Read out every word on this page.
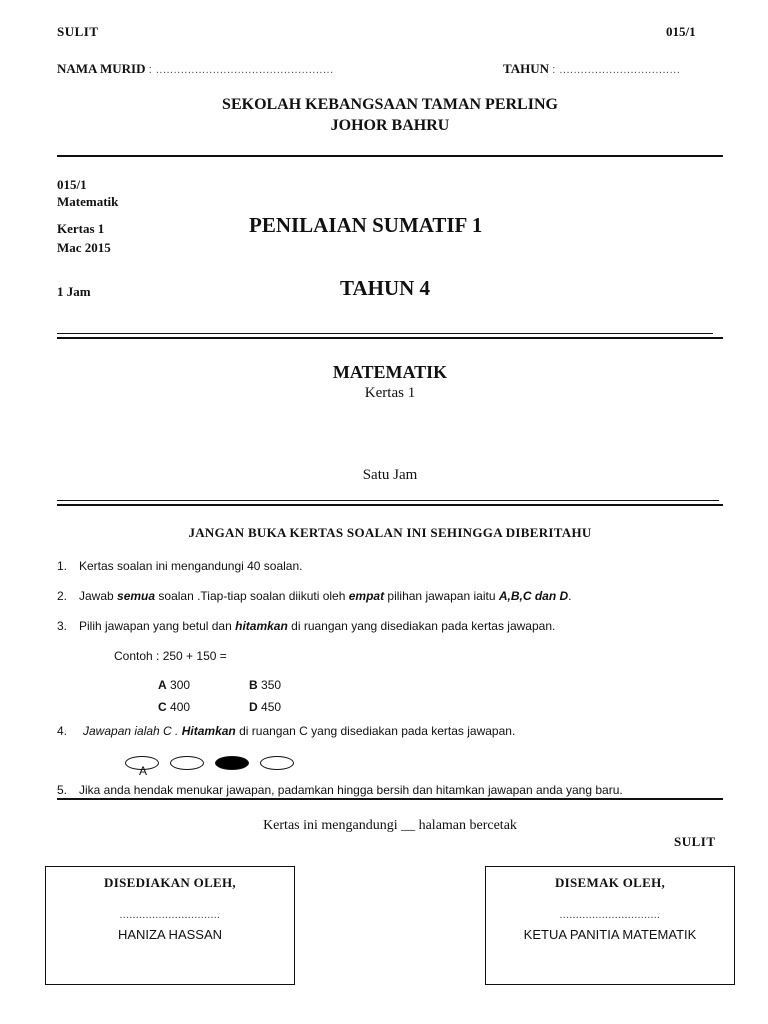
SULIT	015/1
NAMA MURID : ..................................................	TAHUN : ..................................
SEKOLAH KEBANGSAAN TAMAN PERLING
JOHOR BAHRU
015/1
Matematik
Kertas 1
Mac 2015
1 Jam
PENILAIAN SUMATIF 1
TAHUN 4
MATEMATIK
Kertas 1
Satu Jam
JANGAN BUKA KERTAS SOALAN INI SEHINGGA DIBERITAHU
1. Kertas soalan ini mengandungi 40 soalan.
2. Jawab semua soalan .Tiap-tiap soalan diikuti oleh empat pilihan jawapan iaitu A,B,C dan D.
3. Pilih jawapan yang betul dan hitamkan di ruangan yang disediakan pada kertas jawapan.
Contoh : 250 + 150 =
A 300	B 350
C 400	D 450
4. Jawapan ialah C . Hitamkan di ruangan C yang disediakan pada kertas jawapan.
A
5. Jika anda hendak menukar jawapan, padamkan hingga bersih dan hitamkan jawapan anda yang baru.
Kertas ini mengandungi __ halaman bercetak
SULIT
DISEDIAKAN OLEH,
...............................
HANIZA HASSAN
DISEMAK OLEH,
...............................
KETUA PANITIA MATEMATIK
